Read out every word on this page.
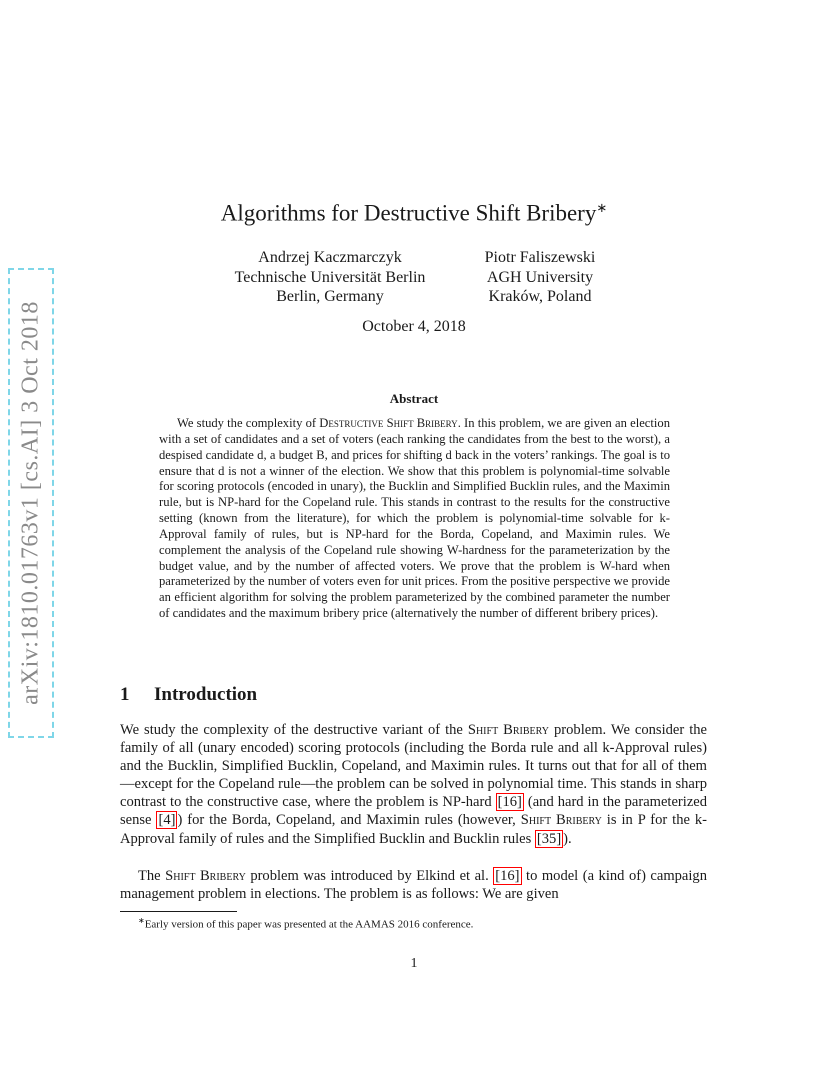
arXiv:1810.01763v1 [cs.AI] 3 Oct 2018
Algorithms for Destructive Shift Bribery∗
Andrzej Kaczmarczyk
Technische Universität Berlin
Berlin, Germany
Piotr Faliszewski
AGH University
Kraków, Poland
October 4, 2018
Abstract

We study the complexity of Destructive Shift Bribery. In this problem, we are given an election with a set of candidates and a set of voters (each ranking the candidates from the best to the worst), a despised candidate d, a budget B, and prices for shifting d back in the voters’ rankings. The goal is to ensure that d is not a winner of the election. We show that this problem is polynomial-time solvable for scoring protocols (encoded in unary), the Bucklin and Simplified Bucklin rules, and the Maximin rule, but is NP-hard for the Copeland rule. This stands in contrast to the results for the constructive setting (known from the literature), for which the problem is polynomial-time solvable for k-Approval family of rules, but is NP-hard for the Borda, Copeland, and Maximin rules. We complement the analysis of the Copeland rule showing W-hardness for the parameterization by the budget value, and by the number of affected voters. We prove that the problem is W-hard when parameterized by the number of voters even for unit prices. From the positive perspective we provide an efficient algorithm for solving the problem parameterized by the combined parameter the number of candidates and the maximum bribery price (alternatively the number of different bribery prices).

1 Introduction

We study the complexity of the destructive variant of the Shift Bribery problem. We consider the family of all (unary encoded) scoring protocols (including the Borda rule and all k-Approval rules) and the Bucklin, Simplified Bucklin, Copeland, and Maximin rules. It turns out that for all of them—except for the Copeland rule—the problem can be solved in polynomial time. This stands in sharp contrast to the constructive case, where the problem is NP-hard [16] (and hard in the parameterized sense [4] ) for the Borda, Copeland, and Maximin rules (however, Shift Bribery is in P for the k-Approval family of rules and the Simplified Bucklin and Bucklin rules [35] ).

The Shift Bribery problem was introduced by Elkind et al. [16] to model (a kind of) campaign management problem in elections. The problem is as follows: We are given

∗Early version of this paper was presented at the AAMAS 2016 conference.
1
